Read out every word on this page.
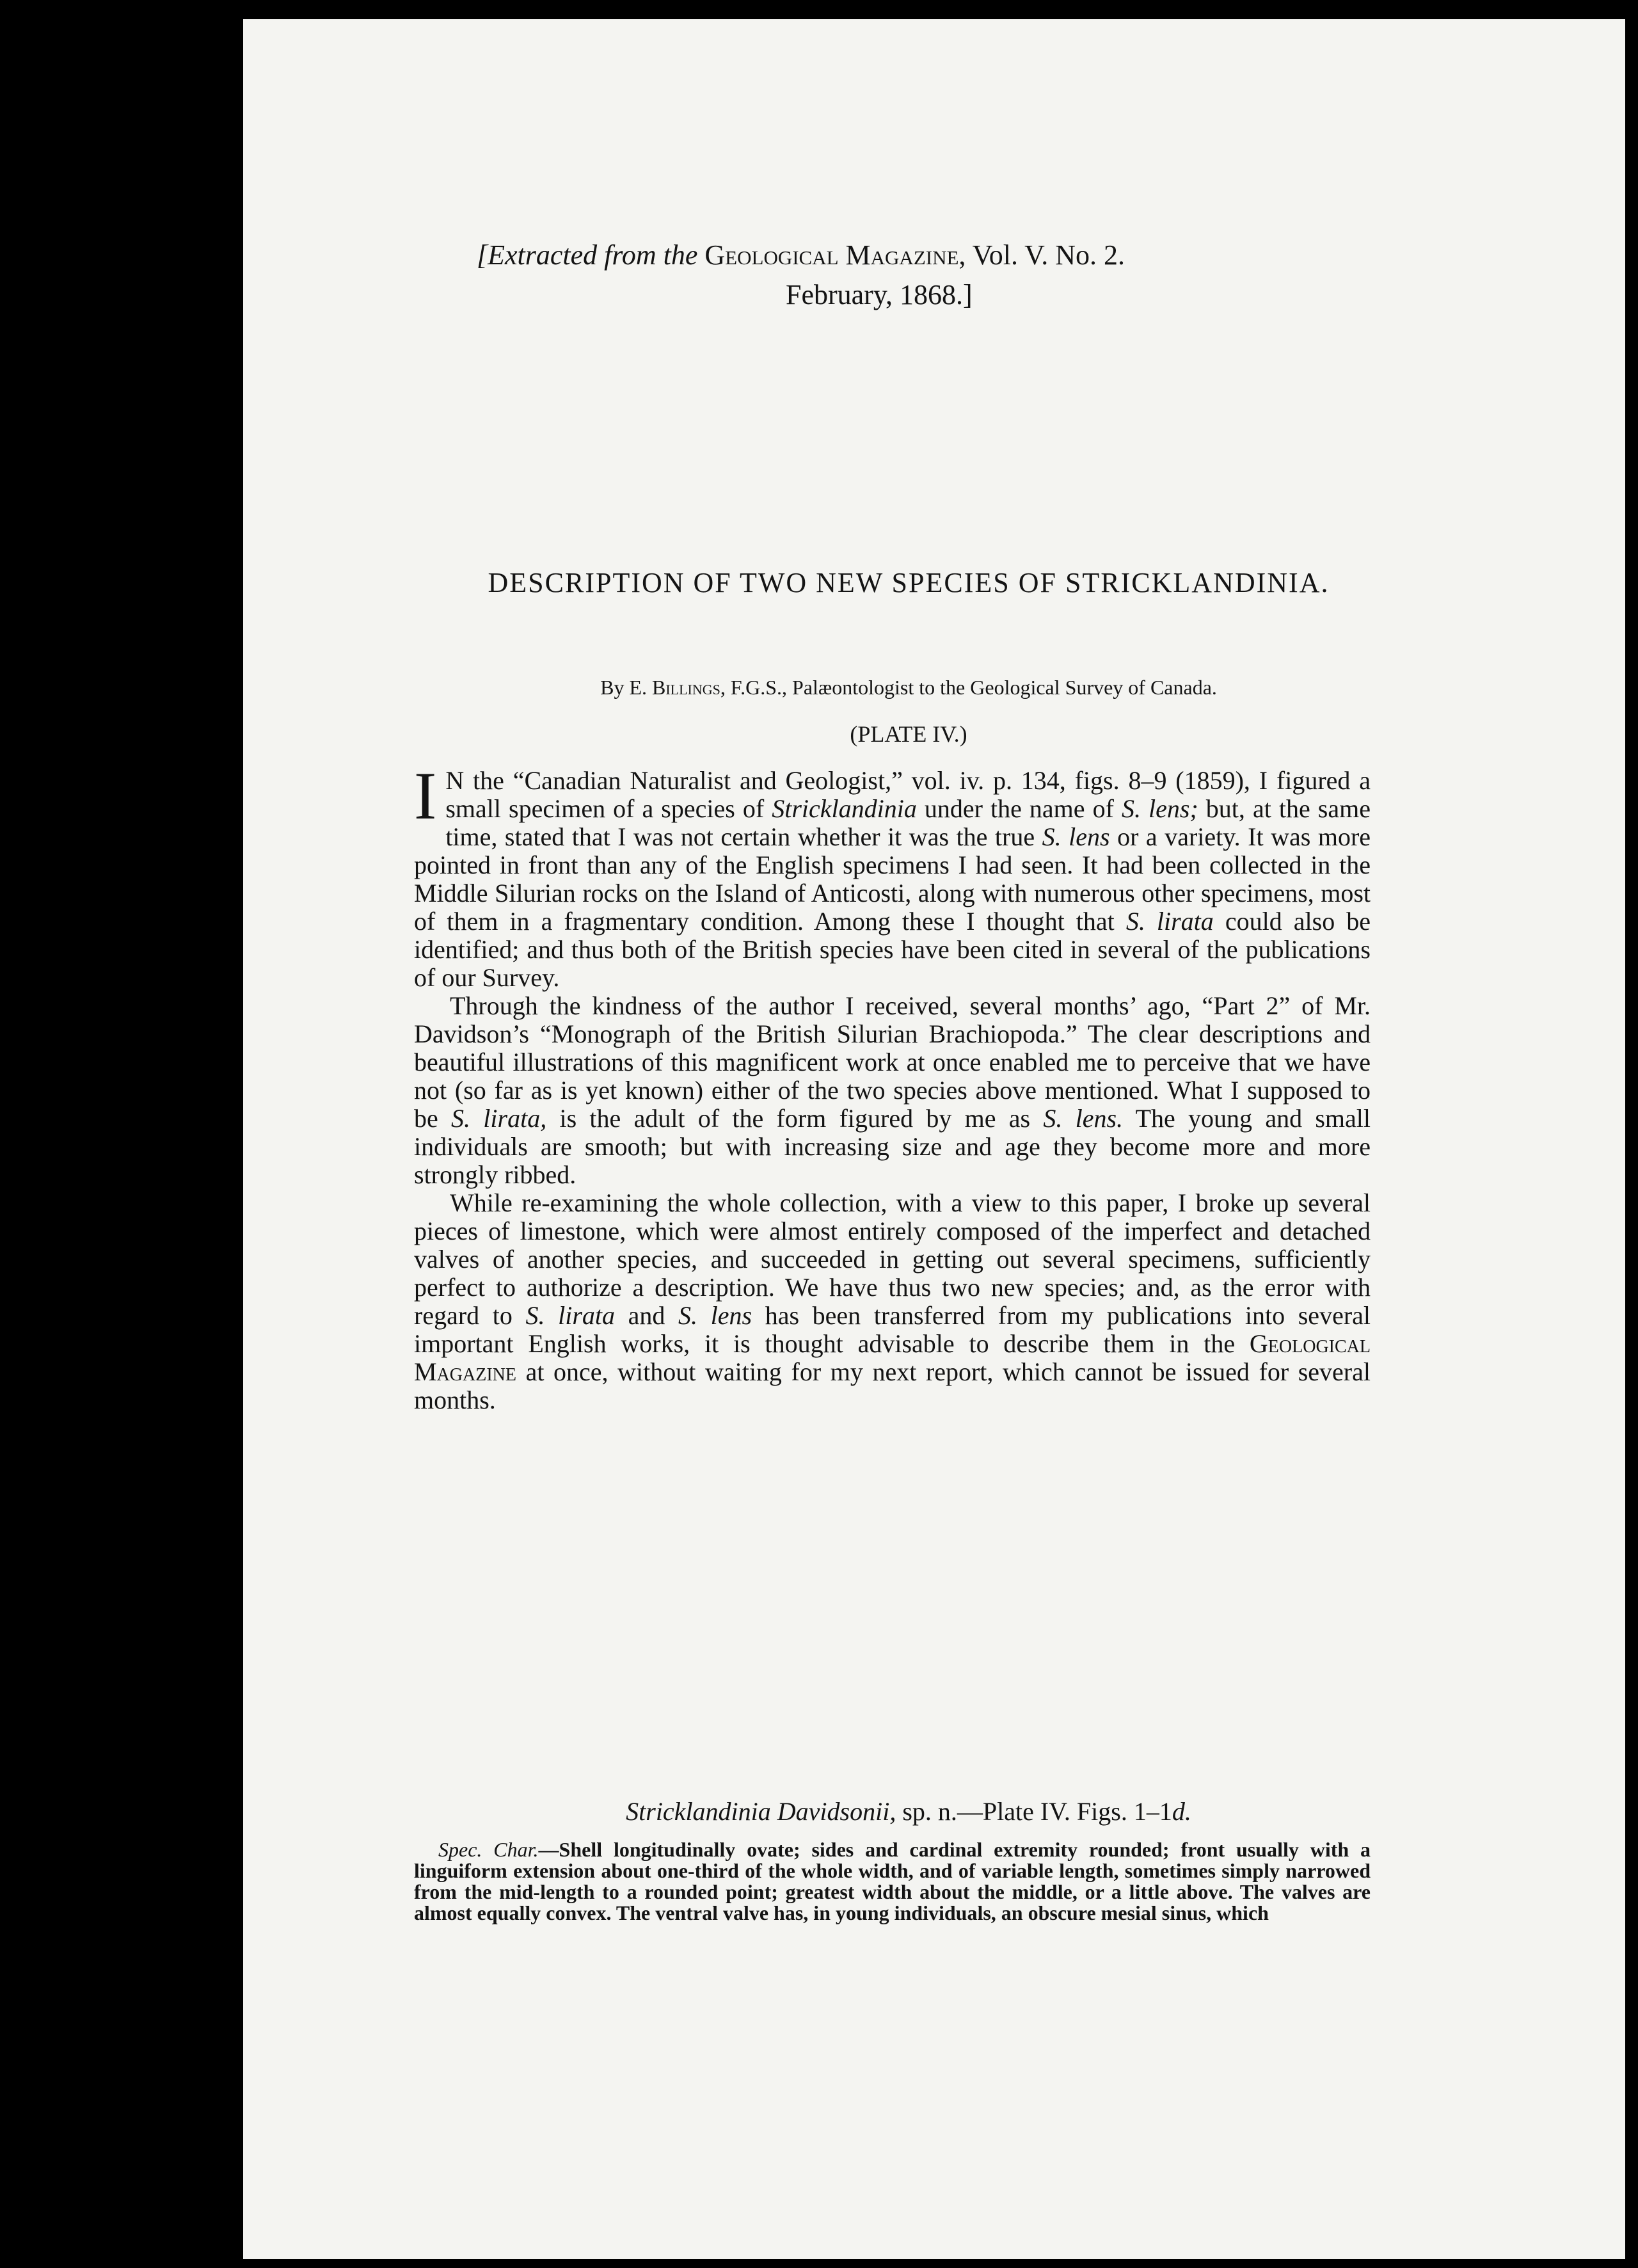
[Extracted from the Geological Magazine, Vol. V. No. 2.
February, 1868.]
DESCRIPTION OF TWO NEW SPECIES OF STRICKLANDINIA.
By E. Billings, F.G.S., Palæontologist to the Geological Survey of Canada.
(PLATE IV.)

I N the “Canadian Naturalist and Geologist,” vol. iv. p. 134, figs. 8–9 (1859), I figured a small specimen of a species of Stricklandinia under the name of S. lens; but, at the same time, stated that I was not certain whether it was the true S. lens or a variety. It was more pointed in front than any of the English specimens I had seen. It had been collected in the Middle Silurian rocks on the Island of Anticosti, along with numerous other specimens, most of them in a fragmentary condition. Among these I thought that S. lirata could also be identified; and thus both of the British species have been cited in several of the publications of our Survey.

Through the kindness of the author I received, several months’ ago, “Part 2” of Mr. Davidson’s “Monograph of the British Silurian Brachiopoda.” The clear descriptions and beautiful illustrations of this magnificent work at once enabled me to perceive that we have not (so far as is yet known) either of the two species above mentioned. What I supposed to be S. lirata, is the adult of the form figured by me as S. lens. The young and small individuals are smooth; but with increasing size and age they become more and more strongly ribbed.

While re-examining the whole collection, with a view to this paper, I broke up several pieces of limestone, which were almost entirely composed of the imperfect and detached valves of another species, and succeeded in getting out several specimens, sufficiently perfect to authorize a description. We have thus two new species; and, as the error with regard to S. lirata and S. lens has been transferred from my publications into several important English works, it is thought advisable to describe them in the Geological Magazine at once, without waiting for my next report, which cannot be issued for several months.

Stricklandinia Davidsonii, sp. n.—Plate IV. Figs. 1–1d.
Spec. Char.—Shell longitudinally ovate; sides and cardinal extremity rounded; front usually with a linguiform extension about one-third of the whole width, and of variable length, sometimes simply narrowed from the mid-length to a rounded point; greatest width about the middle, or a little above. The valves are almost equally convex. The ventral valve has, in young individuals, an obscure mesial sinus, which
